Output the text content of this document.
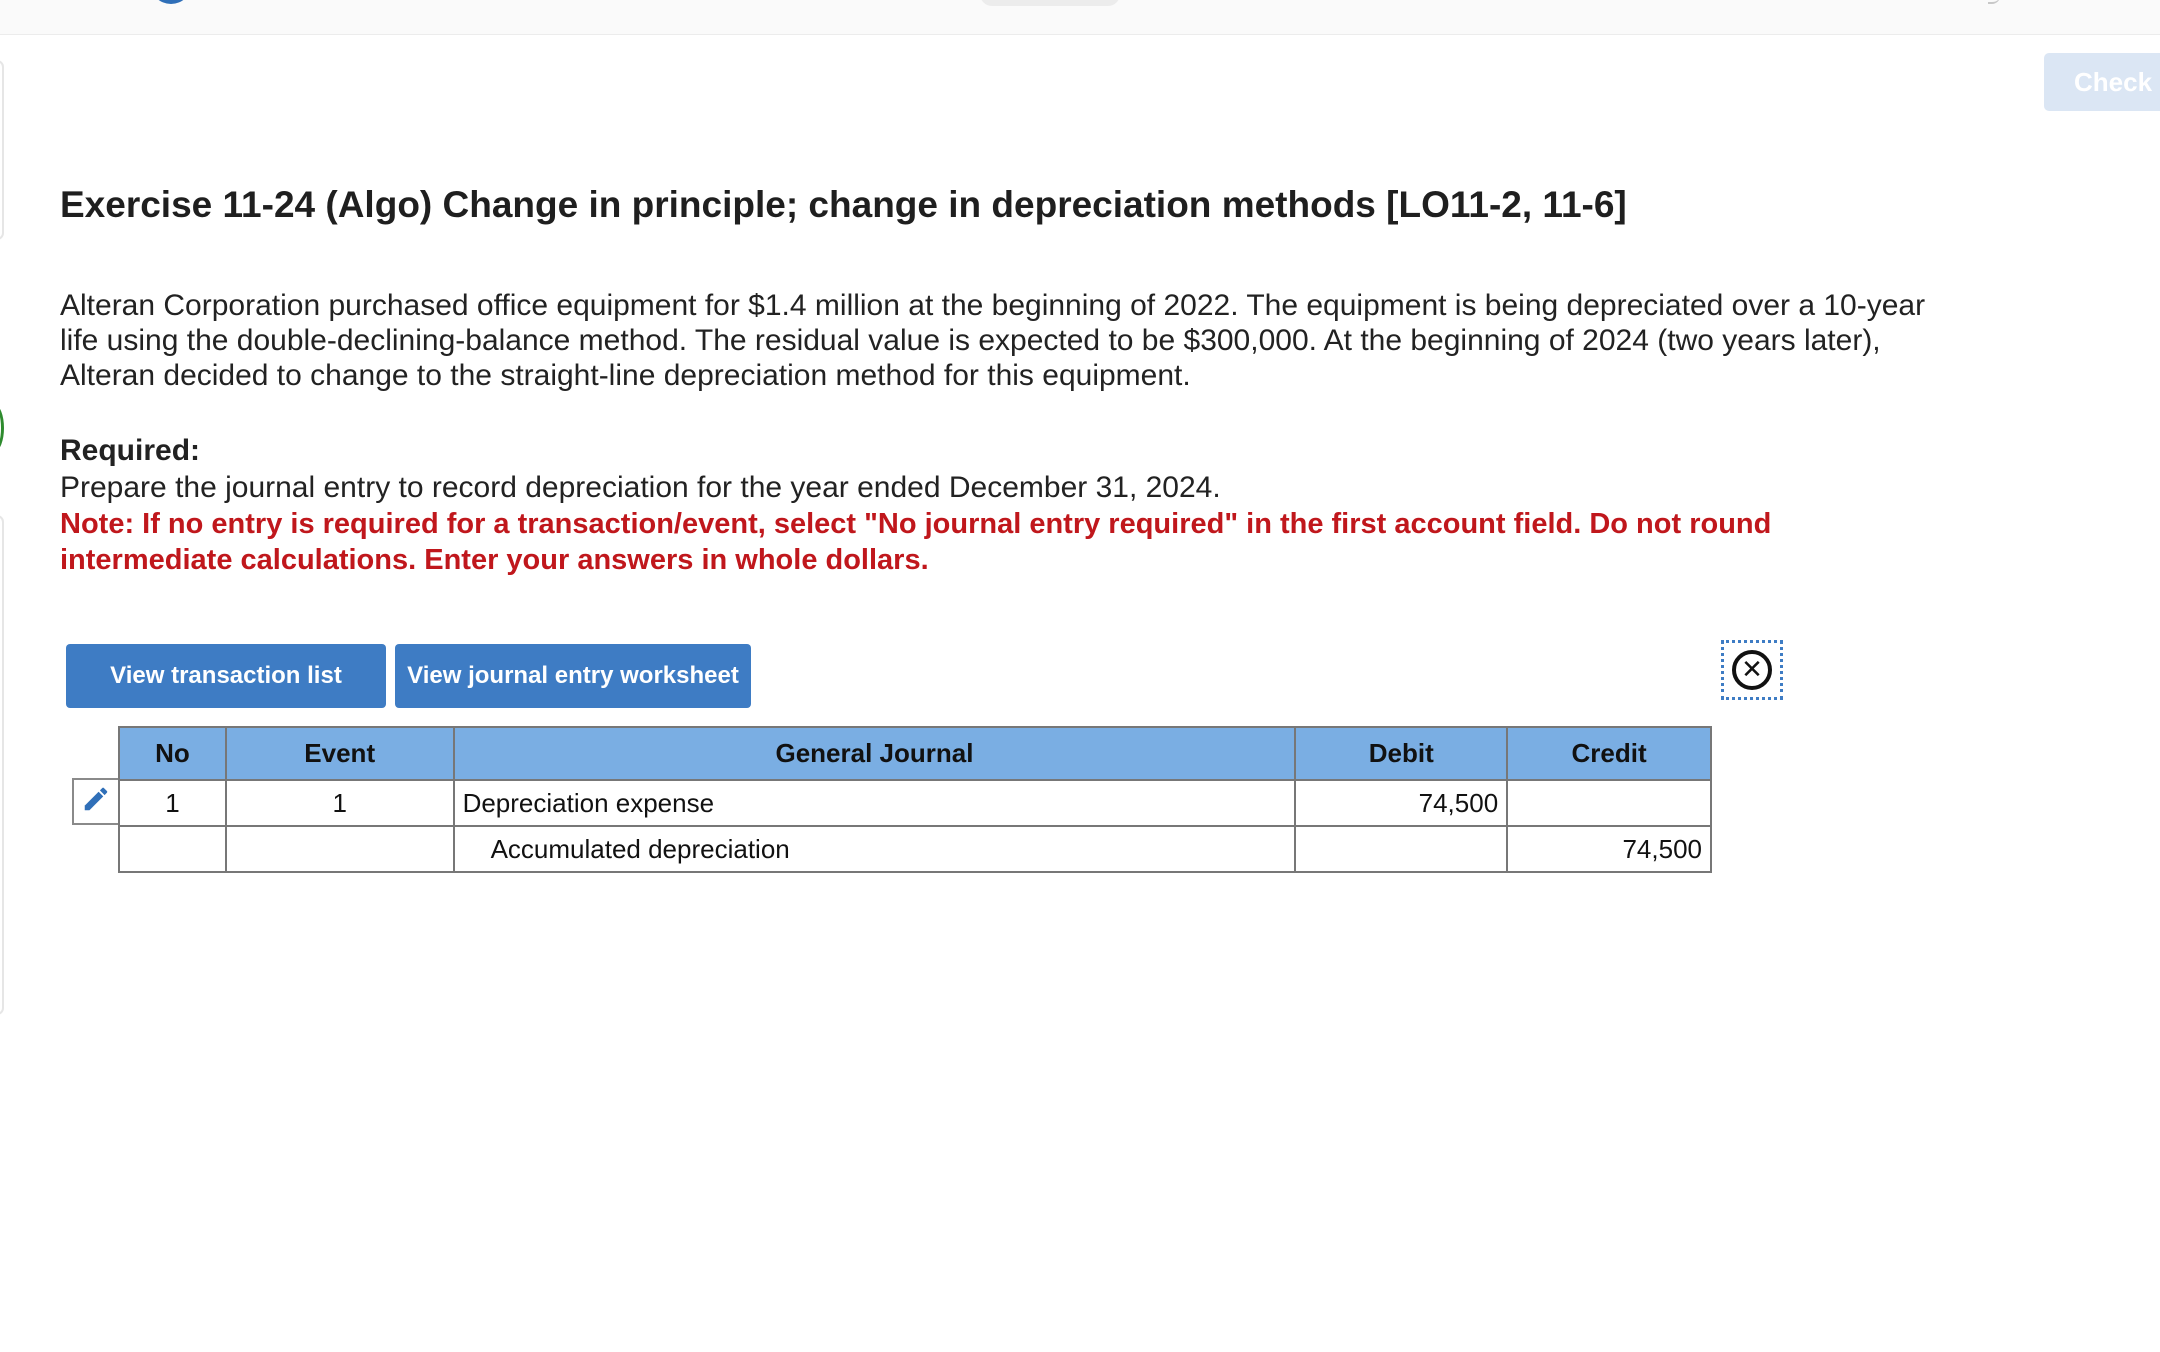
Check
Exercise 11-24 (Algo) Change in principle; change in depreciation methods [LO11-2, 11-6]

Alteran Corporation purchased office equipment for $1.4 million at the beginning of 2022. The equipment is being depreciated over a 10-year life using the double-declining-balance method. The residual value is expected to be $300,000. At the beginning of 2024 (two years later), Alteran decided to change to the straight-line depreciation method for this equipment.

Required:
Prepare the journal entry to record depreciation for the year ended December 31, 2024.
Note: If no entry is required for a transaction/event, select "No journal entry required" in the first account field. Do not round intermediate calculations. Enter your answers in whole dollars.
View transaction list	View journal entry worksheet	✕
No	Event	General Journal	Debit	Credit
1	1	Depreciation expense	74,500	
		Accumulated depreciation		74,500
